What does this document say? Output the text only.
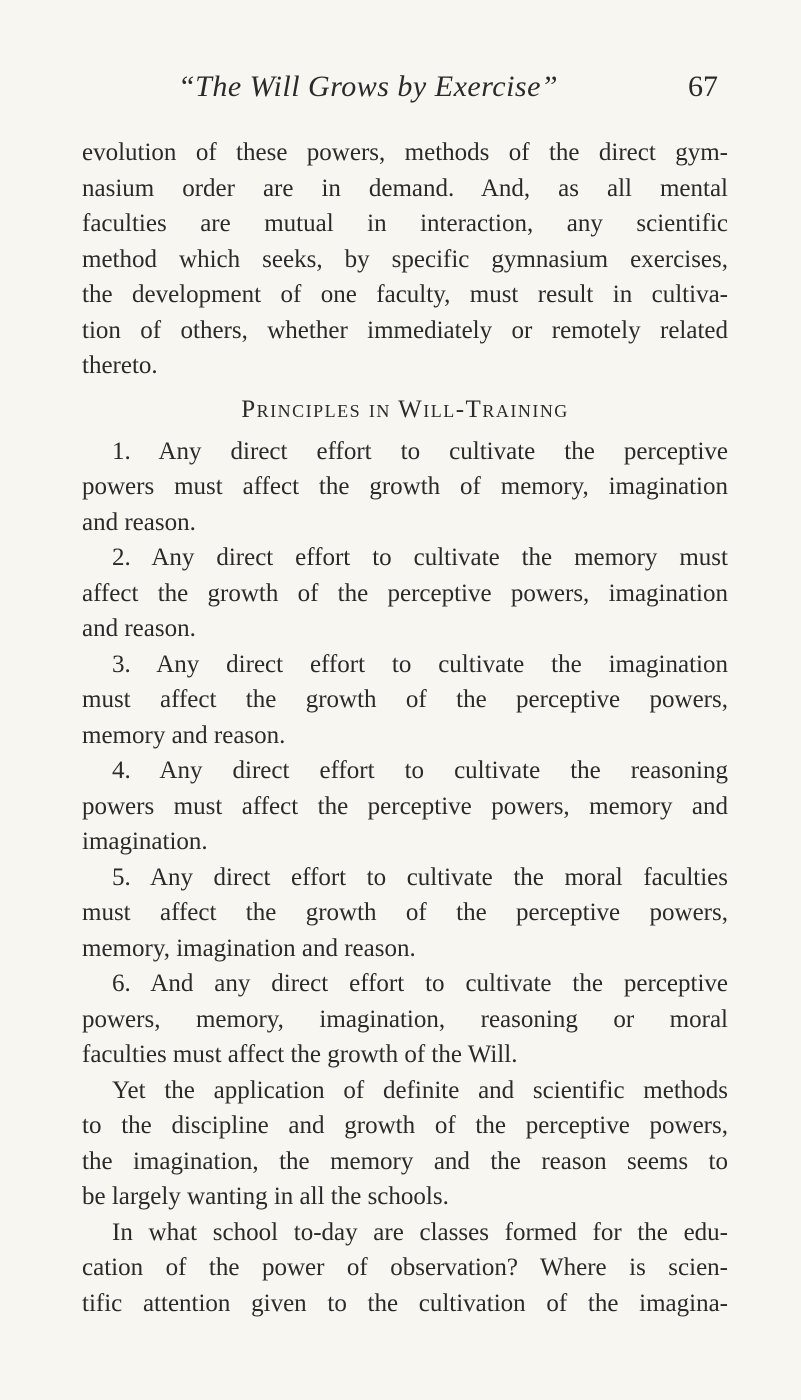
“The Will Grows by Exercise”	67
evolution of these powers, methods of the direct gym-
nasium order are in demand. And, as all mental
faculties are mutual in interaction, any scientific
method which seeks, by specific gymnasium exercises,
the development of one faculty, must result in cultiva-
tion of others, whether immediately or remotely related
thereto.
Principles in Will-Training
1. Any direct effort to cultivate the perceptive
powers must affect the growth of memory, imagination
and reason.
2. Any direct effort to cultivate the memory must
affect the growth of the perceptive powers, imagination
and reason.
3. Any direct effort to cultivate the imagination
must affect the growth of the perceptive powers,
memory and reason.
4. Any direct effort to cultivate the reasoning
powers must affect the perceptive powers, memory and
imagination.
5. Any direct effort to cultivate the moral faculties
must affect the growth of the perceptive powers,
memory, imagination and reason.
6. And any direct effort to cultivate the perceptive
powers, memory, imagination, reasoning or moral
faculties must affect the growth of the Will.
Yet the application of definite and scientific methods
to the discipline and growth of the perceptive powers,
the imagination, the memory and the reason seems to
be largely wanting in all the schools.
In what school to-day are classes formed for the edu-
cation of the power of observation? Where is scien-
tific attention given to the cultivation of the imagina-
